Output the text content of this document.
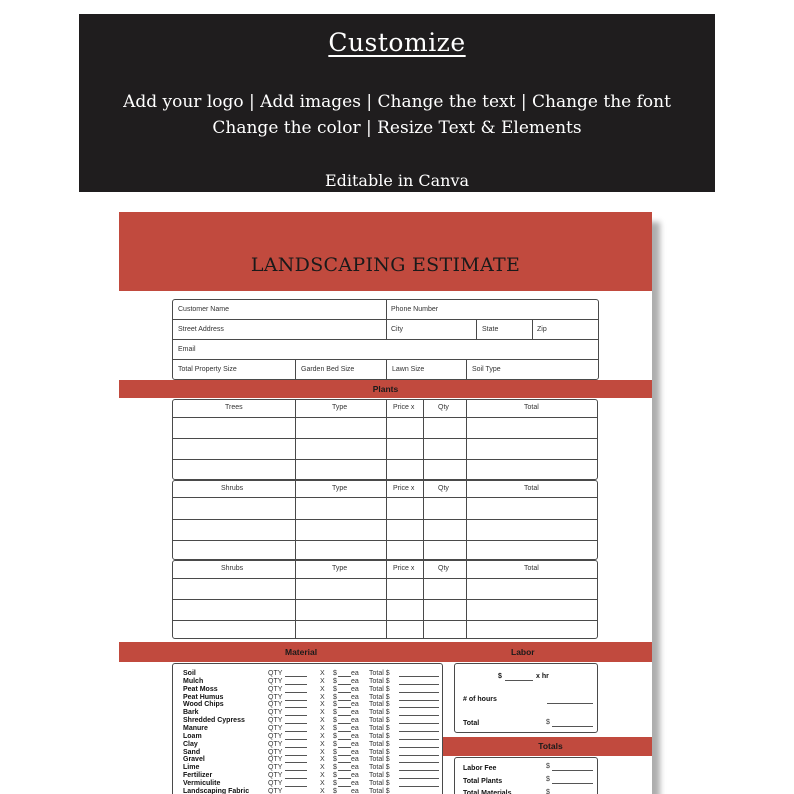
Customize
Add your logo | Add images | Change the text | Change the font
Change the color | Resize Text & Elements
Editable in Canva
LANDSCAPING ESTIMATE
Customer Name	Phone Number
Street Address	City	State	Zip
Email
Total Property Size	Garden Bed Size	Lawn Size	Soil Type
Plants
Trees	Type	Price x	Qty	Total
Shrubs	Type	Price x	Qty	Total
Shrubs	Type	Price x	Qty	Total
Material	Labor
Soil	QTY	X $ ea Total $
Mulch	QTY	X $ ea Total $
Peat Moss	QTY	X $ ea Total $
Peat Humus	QTY	X $ ea Total $
Wood Chips	QTY	X $ ea Total $
Bark	QTY	X $ ea Total $
Shredded Cypress	QTY	X $ ea Total $
Manure	QTY	X $ ea Total $
Loam	QTY	X $ ea Total $
Clay	QTY	X $ ea Total $
Sand	QTY	X $ ea Total $
Gravel	QTY	X $ ea Total $
Lime	QTY	X $ ea Total $
Fertilizer	QTY	X $ ea Total $
Vermiculite	QTY	X $ ea Total $
Landscaping Fabric	QTY	X $ ea Total $
$	x hr
# of hours
Total	$
Totals
Labor Fee	$
Total Plants	$
Total Materials	$
